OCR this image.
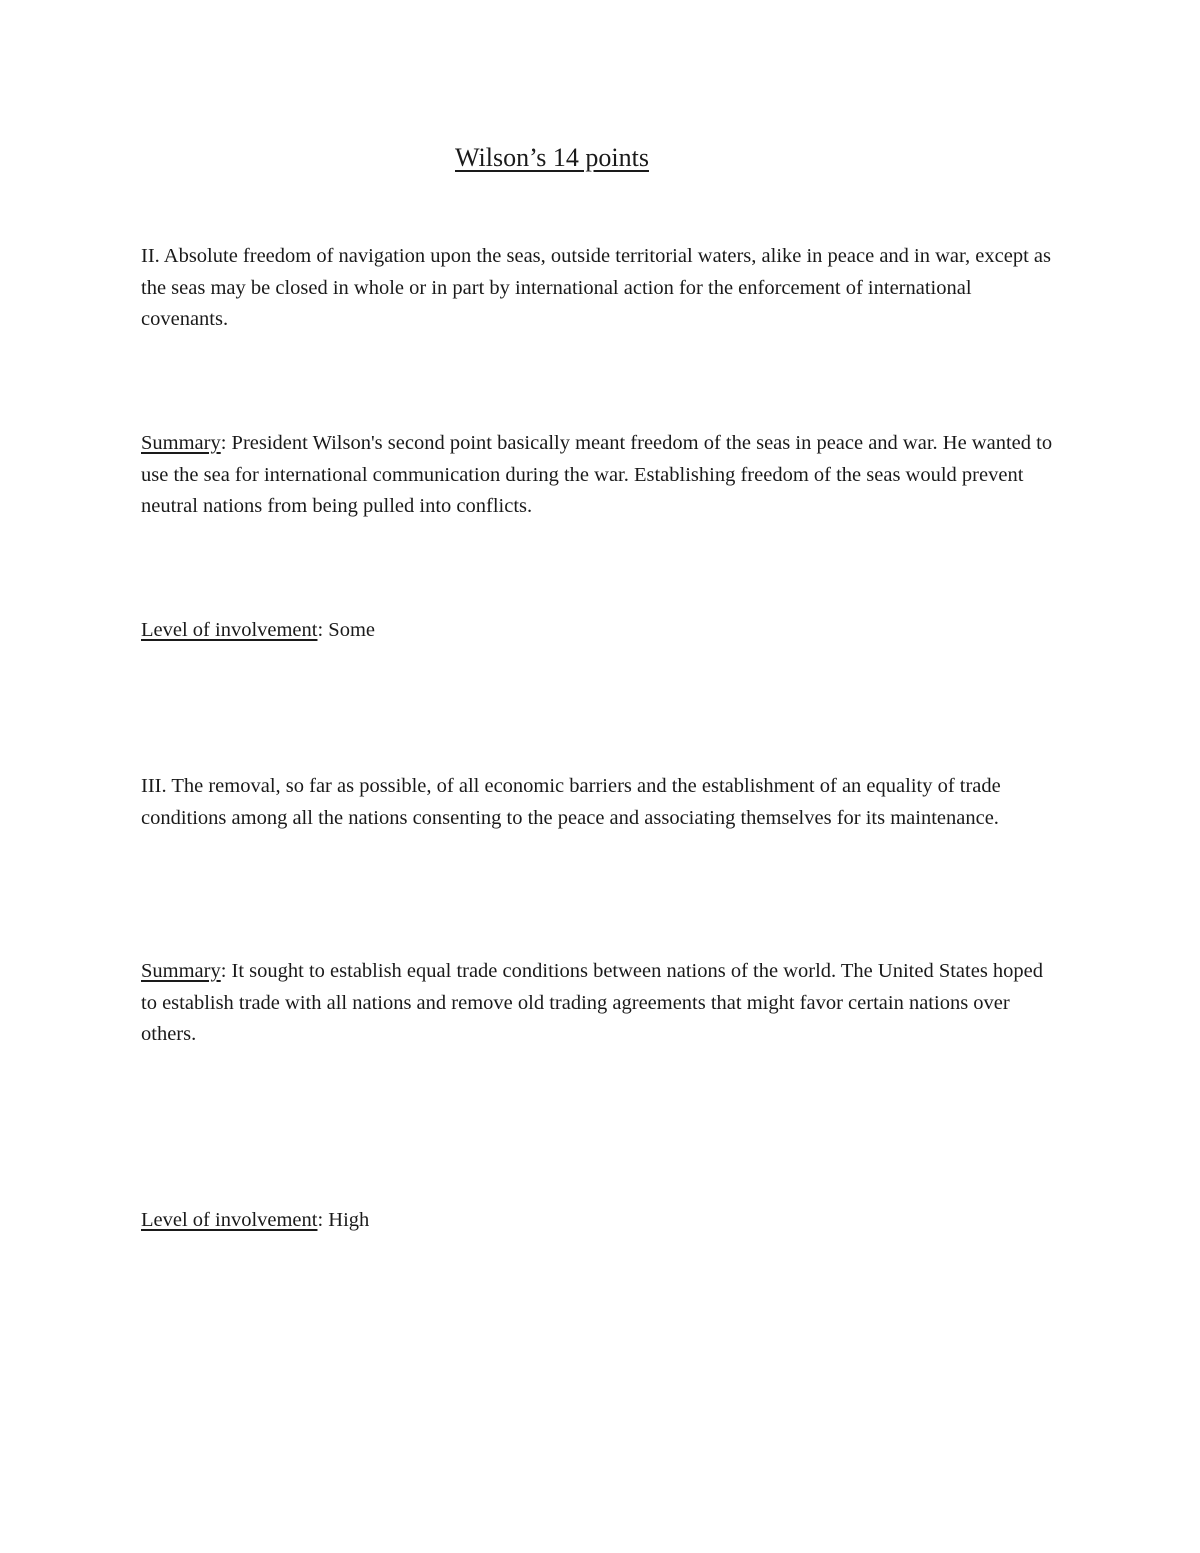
Wilson’s 14 points

II. Absolute freedom of navigation upon the seas, outside territorial waters, alike in peace and in war, except as the seas may be closed in whole or in part by international action for the enforcement of international covenants.

Summary: President Wilson's second point basically meant freedom of the seas in peace and war. He wanted to use the sea for international communication during the war. Establishing freedom of the seas would prevent neutral nations from being pulled into conflicts.

Level of involvement: Some

III. The removal, so far as possible, of all economic barriers and the establishment of an equality of trade conditions among all the nations consenting to the peace and associating themselves for its maintenance.

Summary: It sought to establish equal trade conditions between nations of the world. The United States hoped to establish trade with all nations and remove old trading agreements that might favor certain nations over others.

Level of involvement: High
